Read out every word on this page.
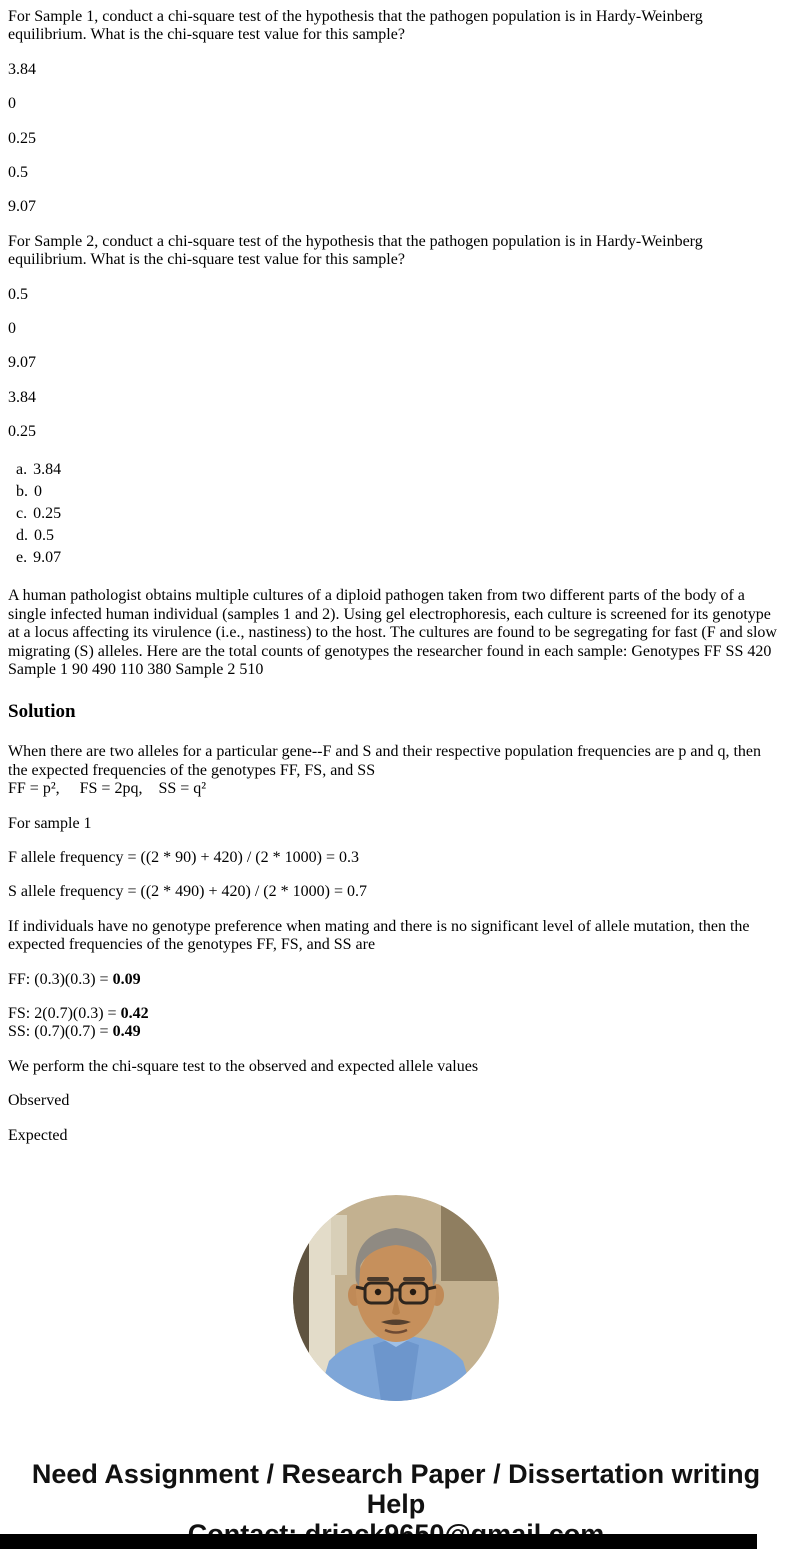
For Sample 1, conduct a chi-square test of the hypothesis that the pathogen population is in Hardy-Weinberg equilibrium. What is the chi-square test value for this sample?

3.84

0

0.25

0.5

9.07

For Sample 2, conduct a chi-square test of the hypothesis that the pathogen population is in Hardy-Weinberg equilibrium. What is the chi-square test value for this sample?

0.5

0

9.07

3.84

0.25

a. 3.84
b. 0
c. 0.25
d. 0.5
e. 9.07

A human pathologist obtains multiple cultures of a diploid pathogen taken from two different parts of the body of a single infected human individual (samples 1 and 2). Using gel electrophoresis, each culture is screened for its genotype at a locus affecting its virulence (i.e., nastiness) to the host. The cultures are found to be segregating for fast (F and slow migrating (S) alleles. Here are the total counts of genotypes the researcher found in each sample: Genotypes FF SS 420 Sample 1 90 490 110 380 Sample 2 510

Solution

When there are two alleles for a particular gene--F and S and their respective population frequencies are p and q, then the expected frequencies of the genotypes FF, FS, and SS
FF = p²,     FS = 2pq,    SS = q²

For sample 1

F allele frequency = ((2 * 90) + 420) / (2 * 1000) = 0.3

S allele frequency = ((2 * 490) + 420) / (2 * 1000) = 0.7

If individuals have no genotype preference when mating and there is no significant level of allele mutation, then the expected frequencies of the genotypes FF, FS, and SS are

FF: (0.3)(0.3) = 0.09

FS: 2(0.7)(0.3) = 0.42
SS: (0.7)(0.7) = 0.49

We perform the chi-square test to the observed and expected allele values

Observed

Expected

Need Assignment / Research Paper / Dissertation writing Help
